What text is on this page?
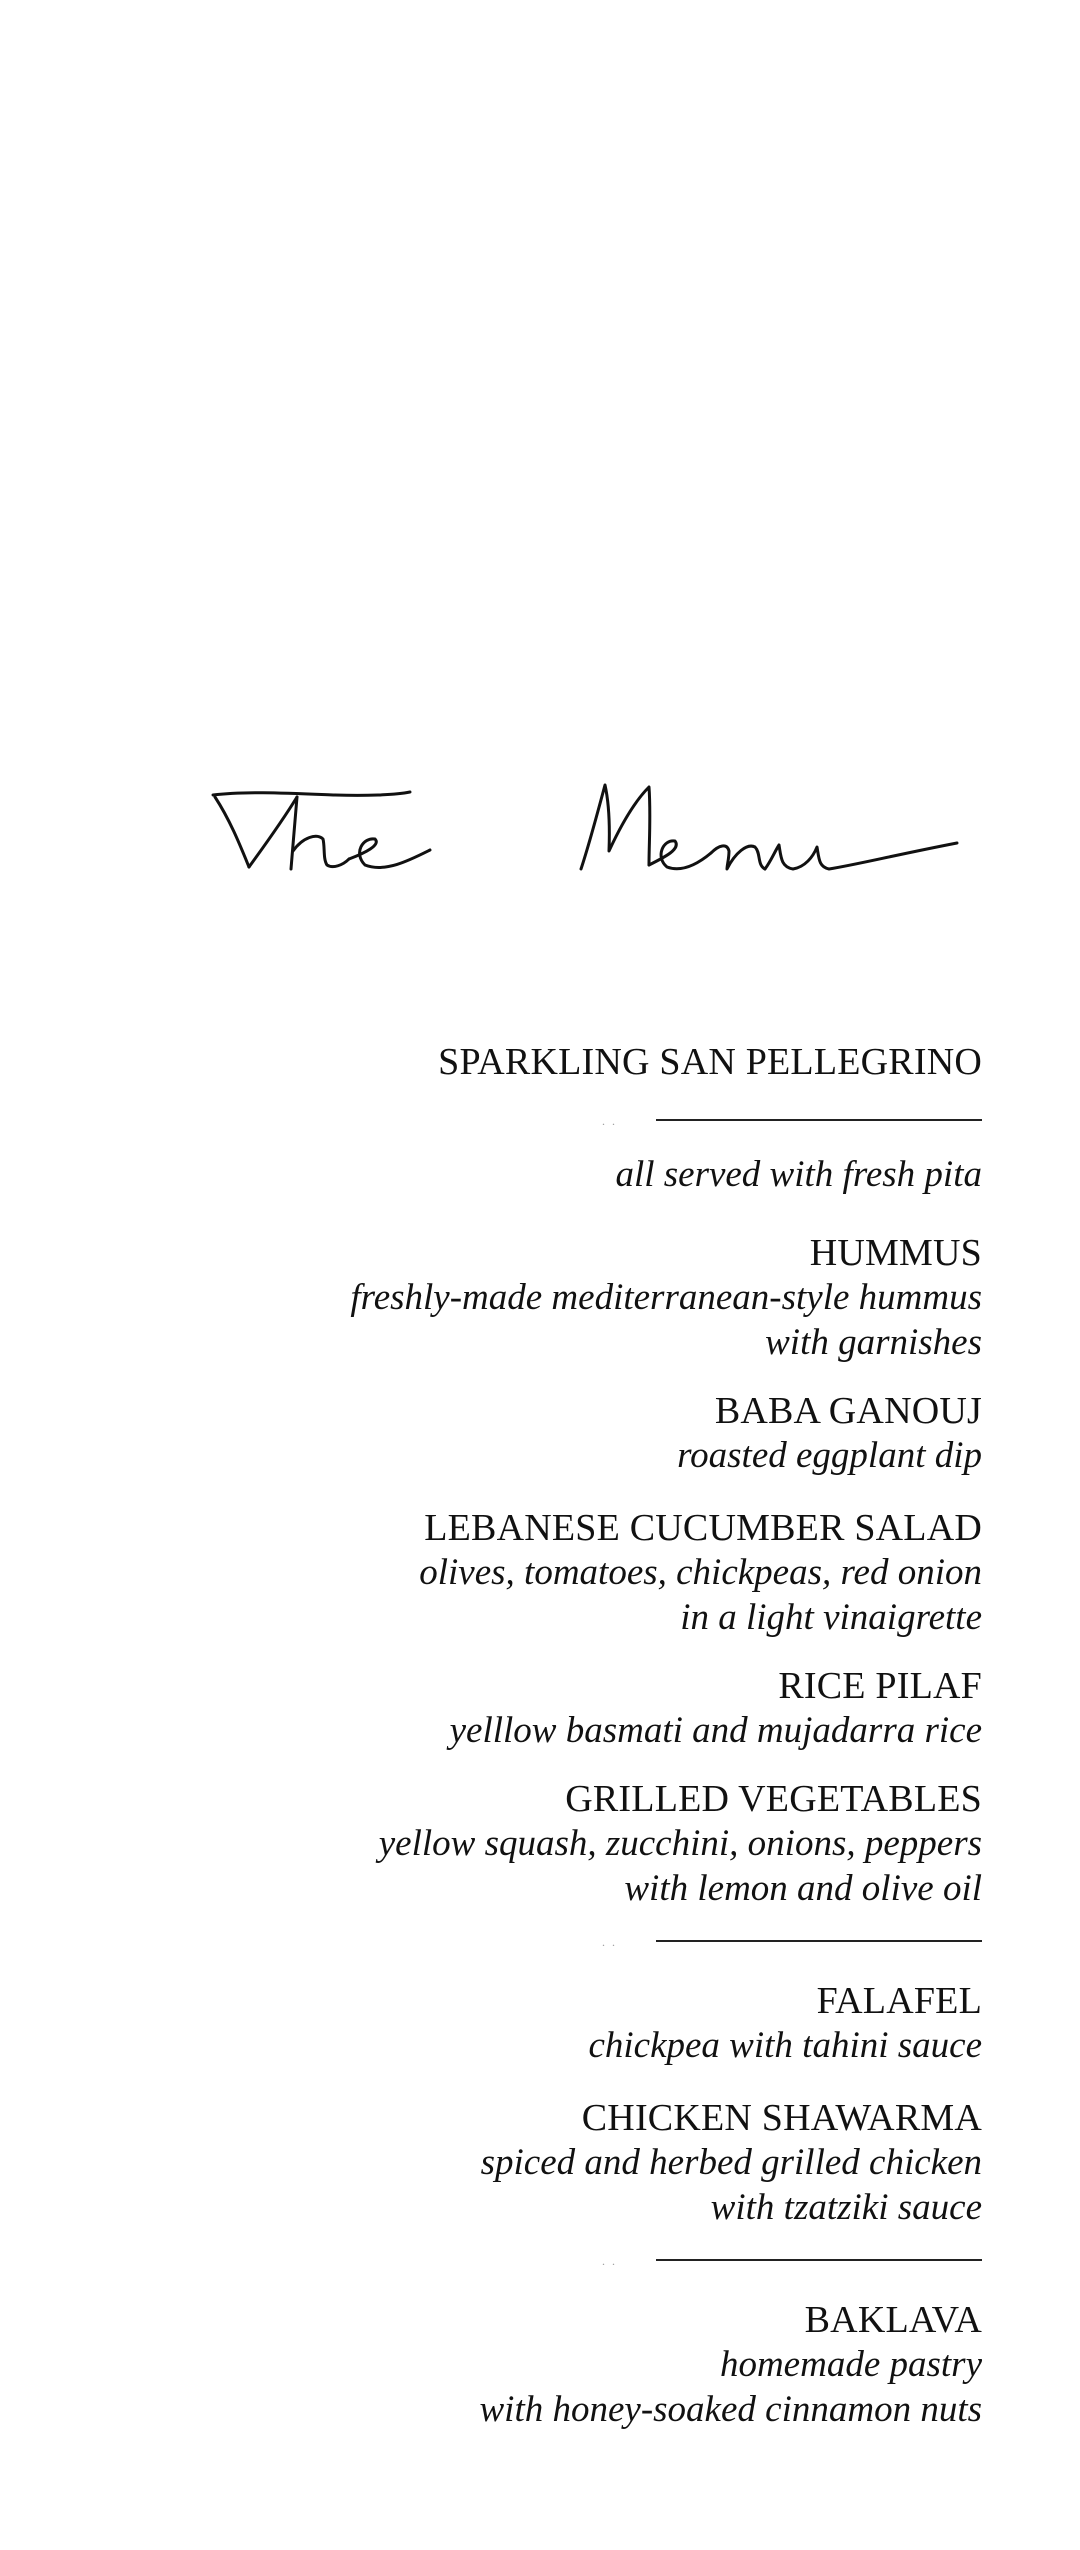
SPARKLING SAN PELLEGRINO
. .
all served with fresh pita
HUMMUS
freshly-made mediterranean-style hummus
with garnishes
BABA GANOUJ
roasted eggplant dip
LEBANESE CUCUMBER SALAD
olives, tomatoes, chickpeas, red onion
in a light vinaigrette
RICE PILAF
yelllow basmati and mujadarra rice
GRILLED VEGETABLES
yellow squash, zucchini, onions, peppers
with lemon and olive oil
. .
FALAFEL
chickpea with tahini sauce
CHICKEN SHAWARMA
spiced and herbed grilled chicken
with tzatziki sauce
. .
BAKLAVA
homemade pastry
with honey-soaked cinnamon nuts
